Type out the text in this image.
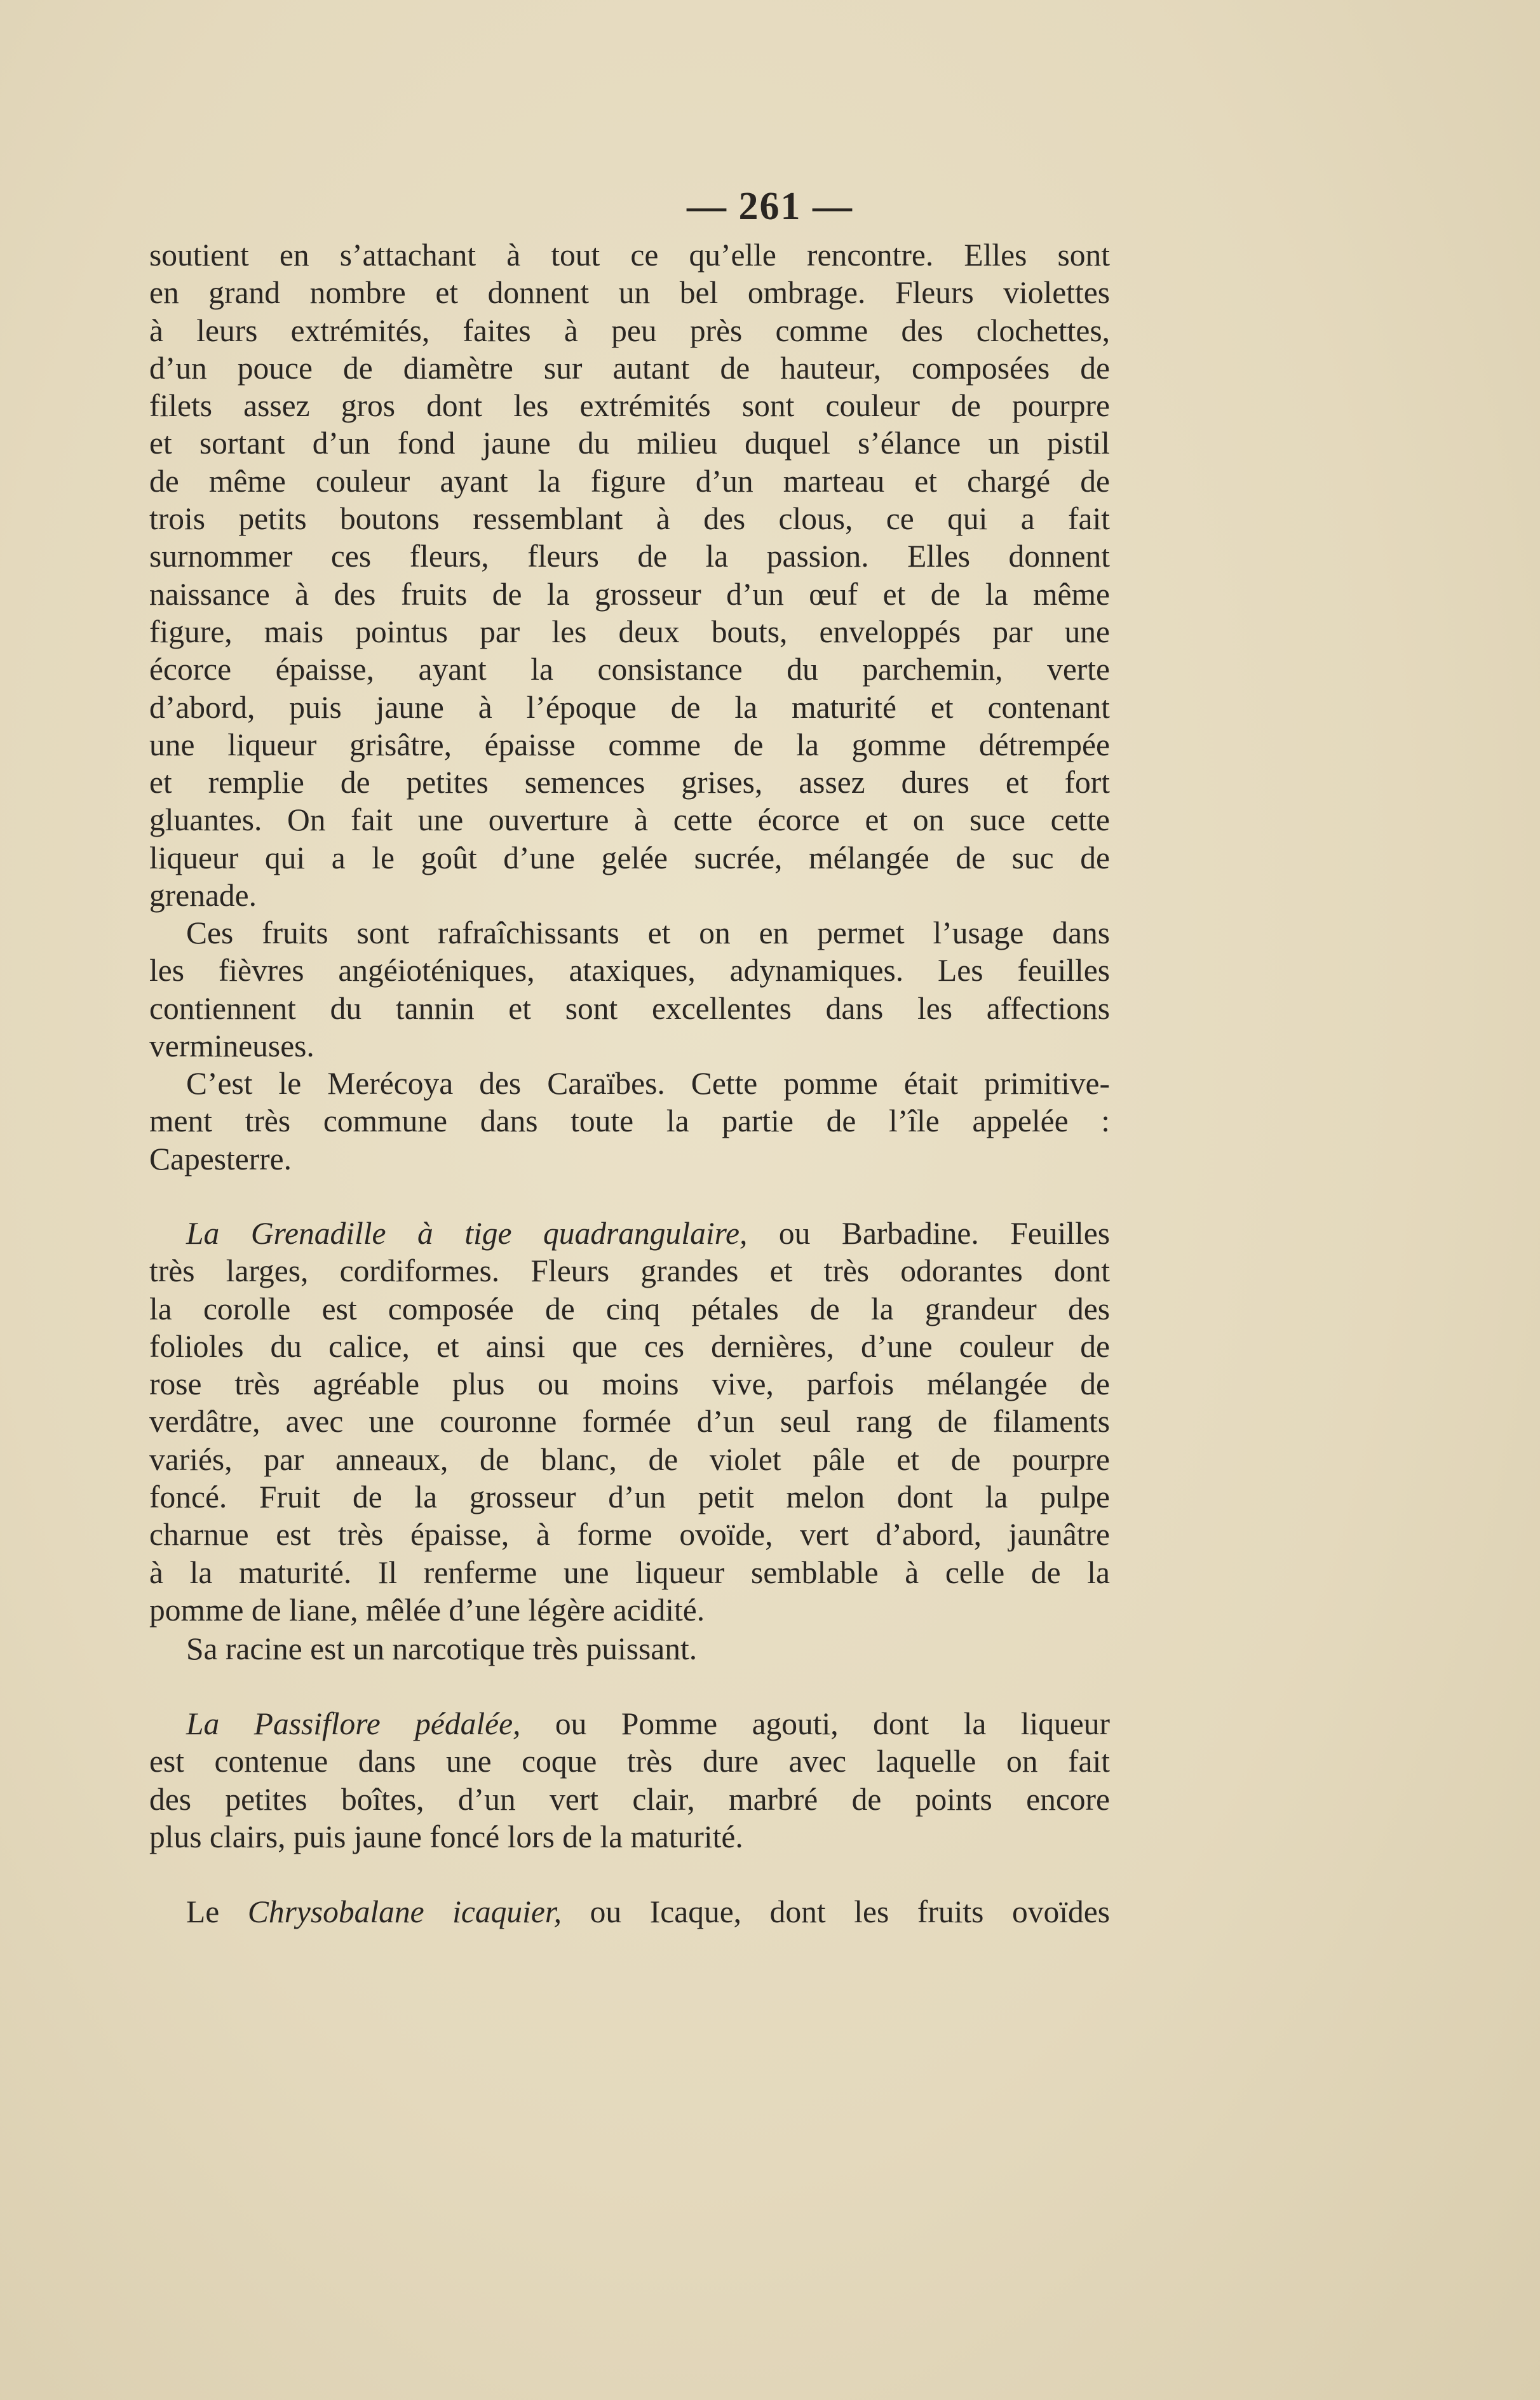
— 261 —
soutient en s’attachant à tout ce qu’elle rencontre. Elles sont
en grand nombre et donnent un bel ombrage. Fleurs violettes
à leurs extrémités, faites à peu près comme des clochettes,
d’un pouce de diamètre sur autant de hauteur, composées de
filets assez gros dont les extrémités sont couleur de pourpre
et sortant d’un fond jaune du milieu duquel s’élance un pistil
de même couleur ayant la figure d’un marteau et chargé de
trois petits boutons ressemblant à des clous, ce qui a fait
surnommer ces fleurs, fleurs de la passion. Elles donnent
naissance à des fruits de la grosseur d’un œuf et de la même
figure, mais pointus par les deux bouts, enveloppés par une
écorce épaisse, ayant la consistance du parchemin, verte
d’abord, puis jaune à l’époque de la maturité et contenant
une liqueur grisâtre, épaisse comme de la gomme détrempée
et remplie de petites semences grises, assez dures et fort
gluantes. On fait une ouverture à cette écorce et on suce cette
liqueur qui a le goût d’une gelée sucrée, mélangée de suc de
grenade.
Ces fruits sont rafraîchissants et on en permet l’usage dans
les fièvres angéioténiques, ataxiques, adynamiques. Les feuilles
contiennent du tannin et sont excellentes dans les affections
vermineuses.
C’est le Merécoya des Caraïbes. Cette pomme était primitive-
ment très commune dans toute la partie de l’île appelée :
Capesterre.
La Grenadille à tige quadrangulaire, ou Barbadine. Feuilles
très larges, cordiformes. Fleurs grandes et très odorantes dont
la corolle est composée de cinq pétales de la grandeur des
folioles du calice, et ainsi que ces dernières, d’une couleur de
rose très agréable plus ou moins vive, parfois mélangée de
verdâtre, avec une couronne formée d’un seul rang de filaments
variés, par anneaux, de blanc, de violet pâle et de pourpre
foncé. Fruit de la grosseur d’un petit melon dont la pulpe
charnue est très épaisse, à forme ovoïde, vert d’abord, jaunâtre
à la maturité. Il renferme une liqueur semblable à celle de la
pomme de liane, mêlée d’une légère acidité.
Sa racine est un narcotique très puissant.
La Passiflore pédalée, ou Pomme agouti, dont la liqueur
est contenue dans une coque très dure avec laquelle on fait
des petites boîtes, d’un vert clair, marbré de points encore
plus clairs, puis jaune foncé lors de la maturité.
Le Chrysobalane icaquier, ou Icaque, dont les fruits ovoïdes
